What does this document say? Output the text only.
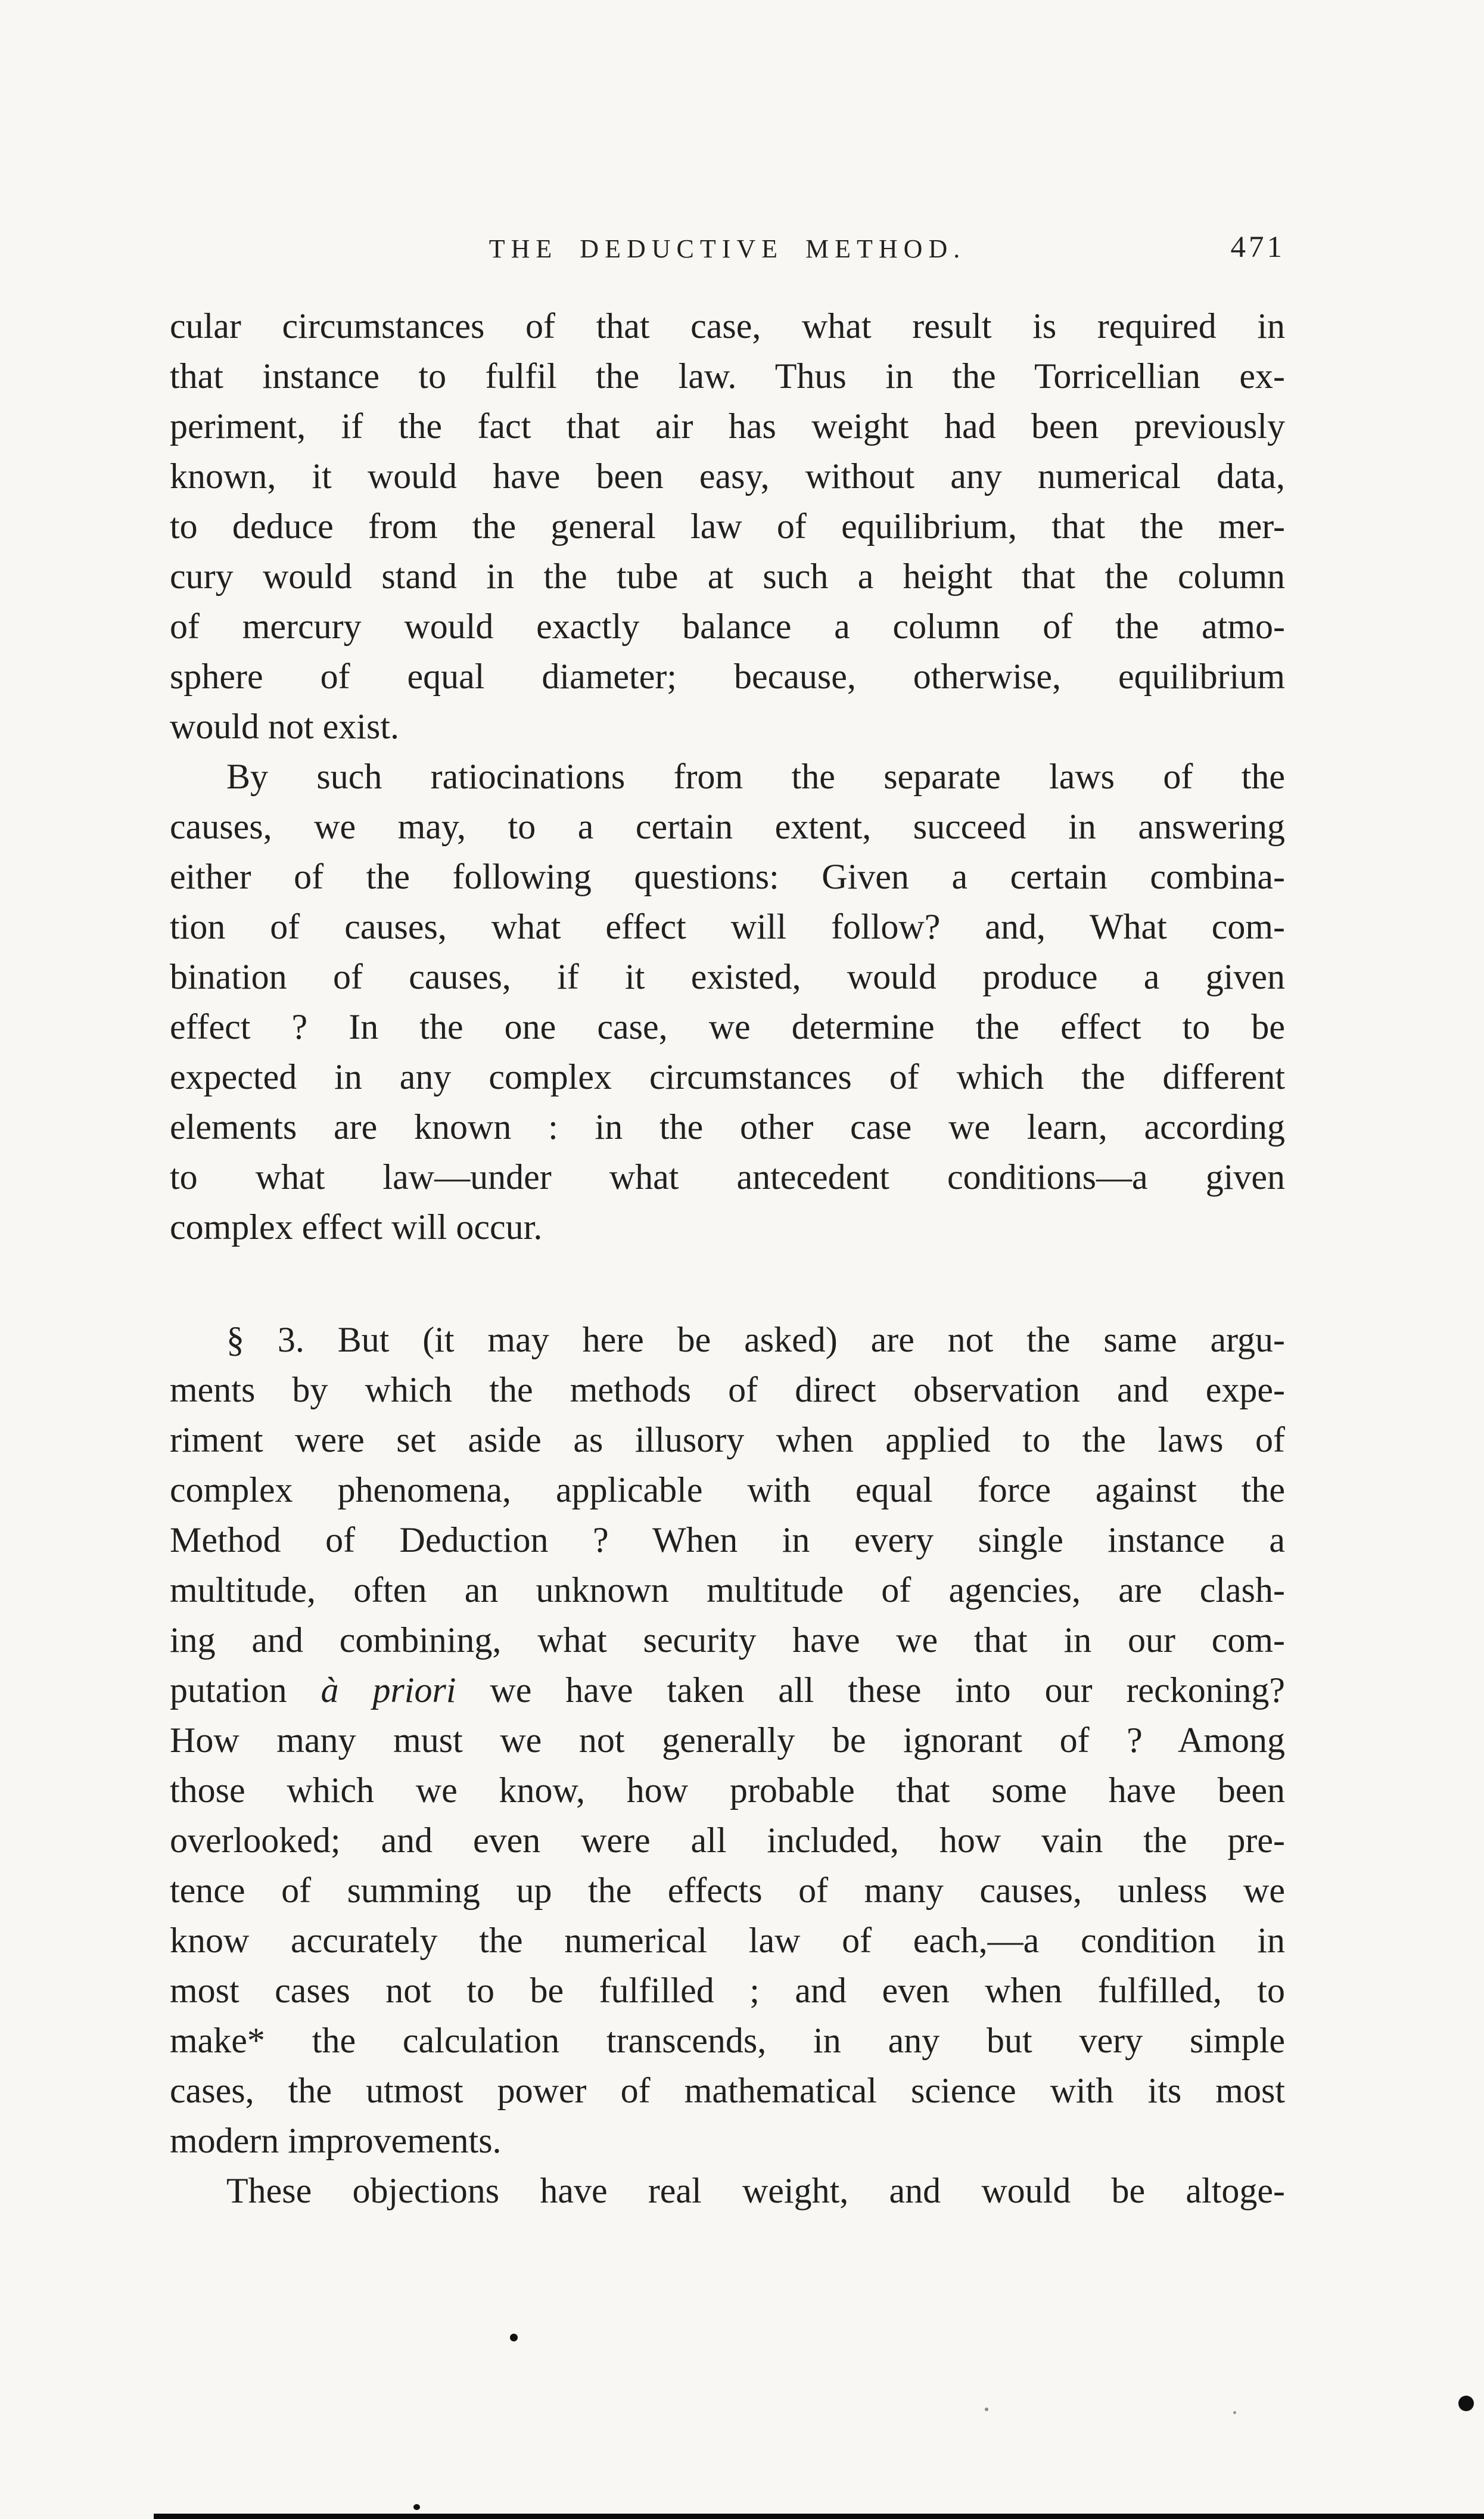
THE DEDUCTIVE METHOD.	471
cular circumstances of that case, what result is required in
that instance to fulfil the law. Thus in the Torricellian ex-
periment, if the fact that air has weight had been previously
known, it would have been easy, without any numerical data,
to deduce from the general law of equilibrium, that the mer-
cury would stand in the tube at such a height that the column
of mercury would exactly balance a column of the atmo-
sphere of equal diameter; because, otherwise, equilibrium
would not exist.
By such ratiocinations from the separate laws of the
causes, we may, to a certain extent, succeed in answering
either of the following questions: Given a certain combina-
tion of causes, what effect will follow? and, What com-
bination of causes, if it existed, would produce a given
effect ? In the one case, we determine the effect to be
expected in any complex circumstances of which the different
elements are known : in the other case we learn, according
to what law—under what antecedent conditions—a given
complex effect will occur.
§ 3. But (it may here be asked) are not the same argu-
ments by which the methods of direct observation and expe-
riment were set aside as illusory when applied to the laws of
complex phenomena, applicable with equal force against the
Method of Deduction ? When in every single instance a
multitude, often an unknown multitude of agencies, are clash-
ing and combining, what security have we that in our com-
putation à priori we have taken all these into our reckoning?
How many must we not generally be ignorant of ? Among
those which we know, how probable that some have been
overlooked; and even were all included, how vain the pre-
tence of summing up the effects of many causes, unless we
know accurately the numerical law of each,—a condition in
most cases not to be fulfilled ; and even when fulfilled, to
make* the calculation transcends, in any but very simple
cases, the utmost power of mathematical science with its most
modern improvements.
These objections have real weight, and would be altoge-
